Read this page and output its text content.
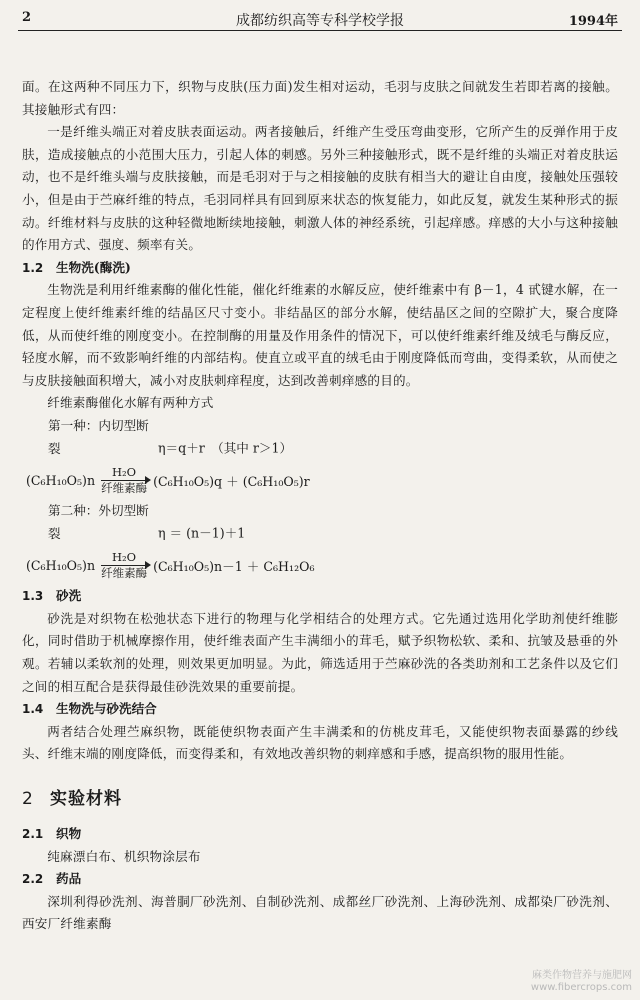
2	成都纺织高等专科学校学报	1994年

面。在这两种不同压力下，织物与皮肤(压力面)发生相对运动，毛羽与皮肤之间就发生若即若离的接触。其接触形式有四：

一是纤维头端正对着皮肤表面运动。两者接触后，纤维产生受压弯曲变形，它所产生的反弹作用于皮肤，造成接触点的小范围大压力，引起人体的刺感。另外三种接触形式，既不是纤维的头端正对着皮肤运动，也不是纤维头端与皮肤接触，而是毛羽对于与之相接触的皮肤有相当大的避让自由度，接触处压强较小，但是由于苎麻纤维的特点，毛羽同样具有回到原来状态的恢复能力，如此反复，就发生某种形式的振动。纤维材料与皮肤的这种轻微地断续地接触，刺激人体的神经系统，引起痒感。痒感的大小与这种接触的作用方式、强度、频率有关。

1.2 生物洗(酶洗)

生物洗是利用纤维素酶的催化性能，催化纤维素的水解反应，使纤维素中有 β－1，4 甙键水解，在一定程度上使纤维素纤维的结晶区尺寸变小。非结晶区的部分水解，使结晶区之间的空隙扩大，聚合度降低，从而使纤维的刚度变小。在控制酶的用量及作用条件的情况下，可以使纤维素纤维及绒毛与酶反应，轻度水解，而不致影响纤维的内部结构。使直立或平直的绒毛由于刚度降低而弯曲，变得柔软，从而使之与皮肤接触面积增大，减小对皮肤刺痒程度，达到改善刺痒感的目的。

纤维素酶催化水解有两种方式

第一种：内切型断裂	η＝q＋r　（其中 r＞1）
$(C_6H_{10}O_5)n \frac{\text{H₂O}}{\text{纤维素酶}} (C_6H_{10}O_5)q + (C_6H_{10}O_5)r$
第二种：外切型断裂	η ＝ (n－1)＋1
$(C_6H_{10}O_5)n \frac{\text{H₂O}}{\text{纤维素酶}} (C_6H_{10}O_5)n-1 + C_6H_{12}O_6$
1.3 砂洗

砂洗是对织物在松弛状态下进行的物理与化学相结合的处理方式。它先通过选用化学助剂使纤维膨化，同时借助于机械摩擦作用，使纤维表面产生丰满细小的茸毛，赋予织物松软、柔和、抗皱及悬垂的外观。若辅以柔软剂的处理，则效果更加明显。为此，筛选适用于苎麻砂洗的各类助剂和工艺条件以及它们之间的相互配合是获得最佳砂洗效果的重要前提。

1.4 生物洗与砂洗结合

两者结合处理苎麻织物，既能使织物表面产生丰满柔和的仿桃皮茸毛，又能使织物表面暴露的纱线头、纤维末端的刚度降低，而变得柔和，有效地改善织物的刺痒感和手感，提高织物的服用性能。

2 实验材料
2.1 织物

纯麻漂白布、机织物涂层布

2.2 药品

深圳利得砂洗剂、海普胴厂砂洗剂、自制砂洗剂、成都丝厂砂洗剂、上海砂洗剂、成都染厂砂洗剂、西安厂纤维素酶

麻类作物营养与施肥网
www.fibercrops.com
